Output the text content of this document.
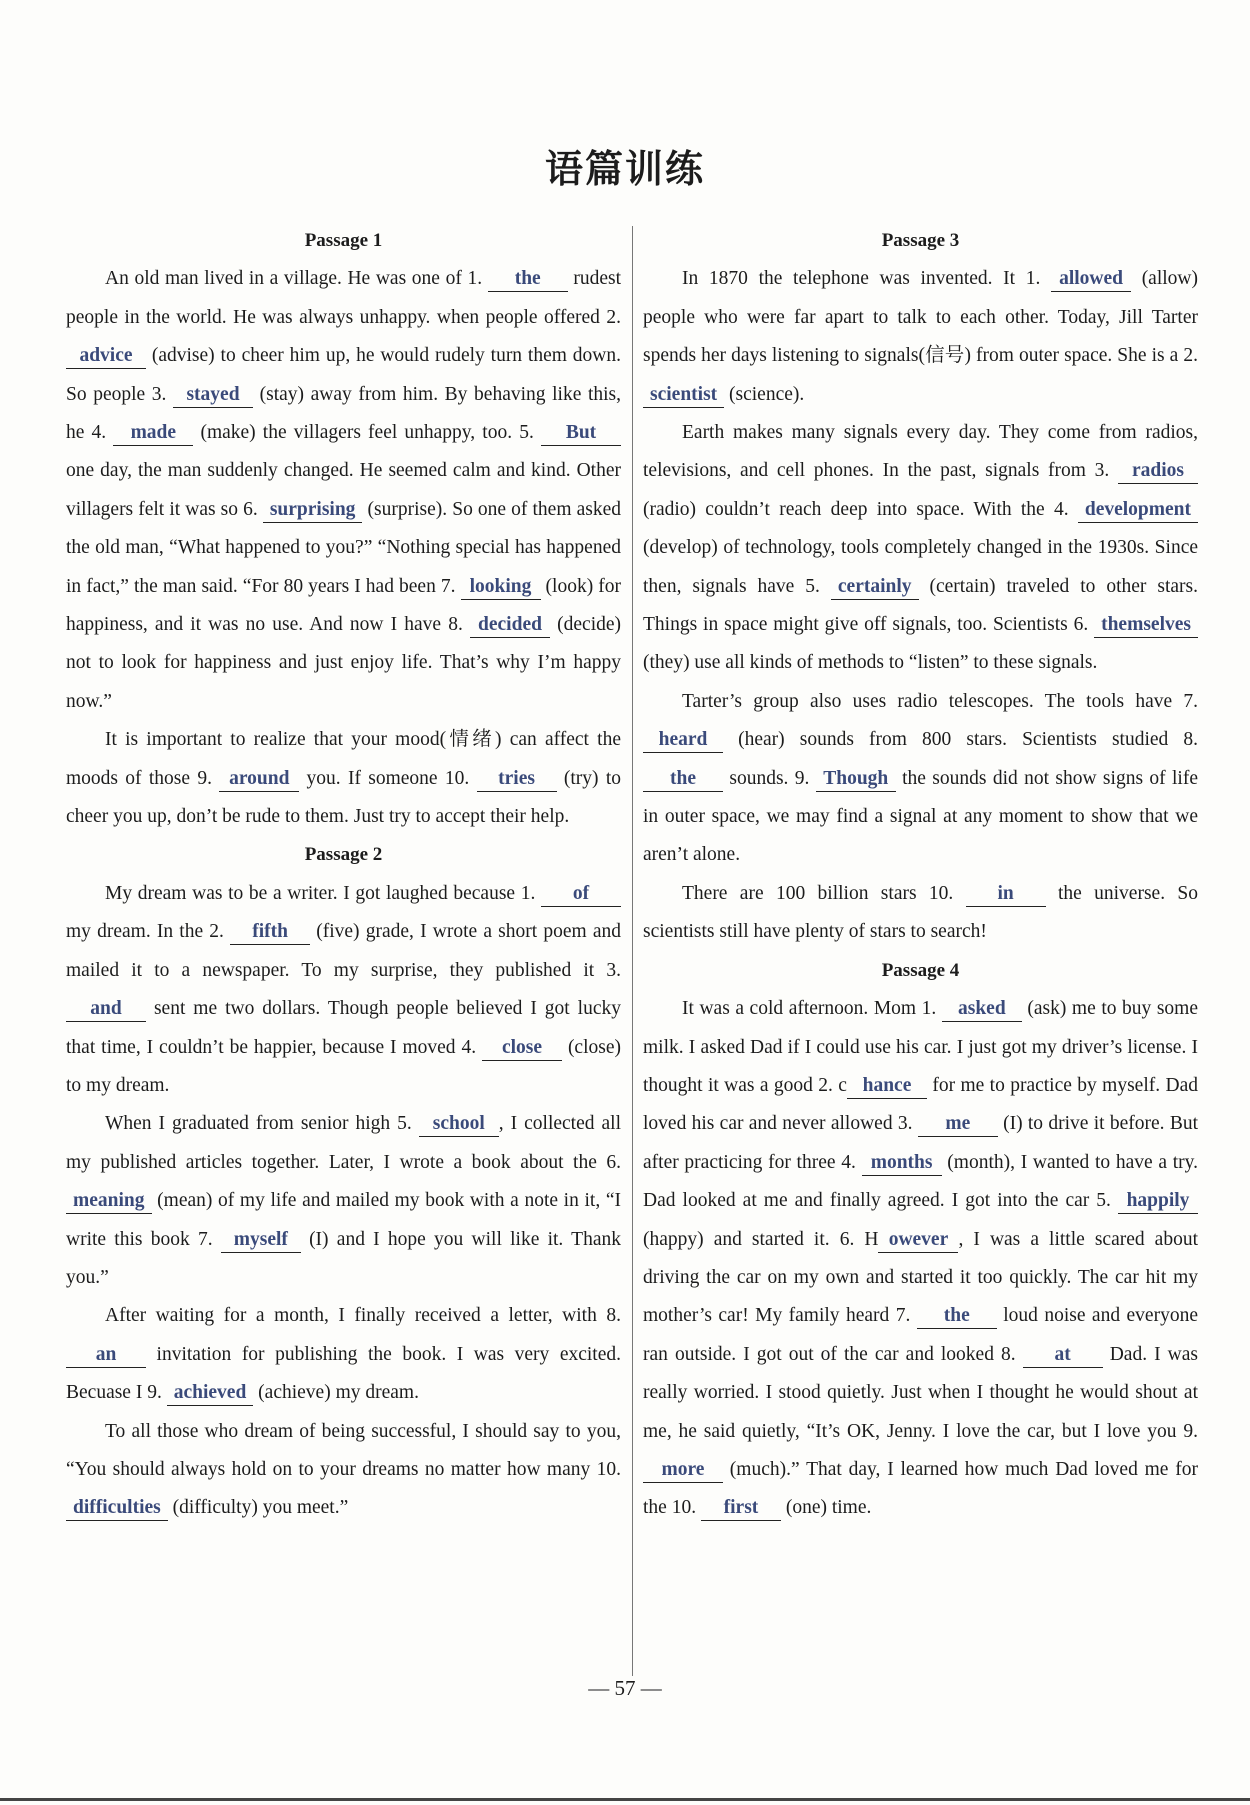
语篇训练
Passage 1

An old man lived in a village. He was one of 1. the rudest people in the world. He was always unhappy. when people offered 2. advice (advise) to cheer him up, he would rudely turn them down. So people 3. stayed (stay) away from him. By behaving like this, he 4. made (make) the villagers feel unhappy, too. 5. But one day, the man suddenly changed. He seemed calm and kind. Other villagers felt it was so 6. surprising (surprise). So one of them asked the old man, “What happened to you?” “Nothing special has happened in fact,” the man said. “For 80 years I had been 7. looking (look) for happiness, and it was no use. And now I have 8. decided (decide) not to look for happiness and just enjoy life. That’s why I’m happy now.”

It is important to realize that your mood(情绪) can affect the moods of those 9. around you. If someone 10. tries (try) to cheer you up, don’t be rude to them. Just try to accept their help.

Passage 2

My dream was to be a writer. I got laughed because 1. of my dream. In the 2. fifth (five) grade, I wrote a short poem and mailed it to a newspaper. To my surprise, they published it 3. and sent me two dollars. Though people believed I got lucky that time, I couldn’t be happier, because I moved 4. close (close) to my dream.

When I graduated from senior high 5. school , I collected all my published articles together. Later, I wrote a book about the 6. meaning (mean) of my life and mailed my book with a note in it, “I write this book 7. myself (I) and I hope you will like it. Thank you.”

After waiting for a month, I finally received a letter, with 8. an invitation for publishing the book. I was very excited. Becuase I 9. achieved (achieve) my dream.

To all those who dream of being successful, I should say to you, “You should always hold on to your dreams no matter how many 10. difficulties (difficulty) you meet.”

Passage 3

In 1870 the telephone was invented. It 1. allowed (allow) people who were far apart to talk to each other. Today, Jill Tarter spends her days listening to signals(信号) from outer space. She is a 2. scientist (science).

Earth makes many signals every day. They come from radios, televisions, and cell phones. In the past, signals from 3. radios (radio) couldn’t reach deep into space. With the 4. development (develop) of technology, tools completely changed in the 1930s. Since then, signals have 5. certainly (certain) traveled to other stars. Things in space might give off signals, too. Scientists 6. themselves (they) use all kinds of methods to “listen” to these signals.

Tarter’s group also uses radio telescopes. The tools have 7. heard (hear) sounds from 800 stars. Scientists studied 8. the sounds. 9. Though the sounds did not show signs of life in outer space, we may find a signal at any moment to show that we aren’t alone.

There are 100 billion stars 10. in the universe. So scientists still have plenty of stars to search!

Passage 4

It was a cold afternoon. Mom 1. asked (ask) me to buy some milk. I asked Dad if I could use his car. I just got my driver’s license. I thought it was a good 2. c hance for me to practice by myself. Dad loved his car and never allowed 3. me (I) to drive it before. But after practicing for three 4. months (month), I wanted to have a try. Dad looked at me and finally agreed. I got into the car 5. happily (happy) and started it. 6. H owever , I was a little scared about driving the car on my own and started it too quickly. The car hit my mother’s car! My family heard 7. the loud noise and everyone ran outside. I got out of the car and looked 8. at Dad. I was really worried. I stood quietly. Just when I thought he would shout at me, he said quietly, “It’s OK, Jenny. I love the car, but I love you 9. more (much).” That day, I learned how much Dad loved me for the 10. first (one) time.

— 57 —
